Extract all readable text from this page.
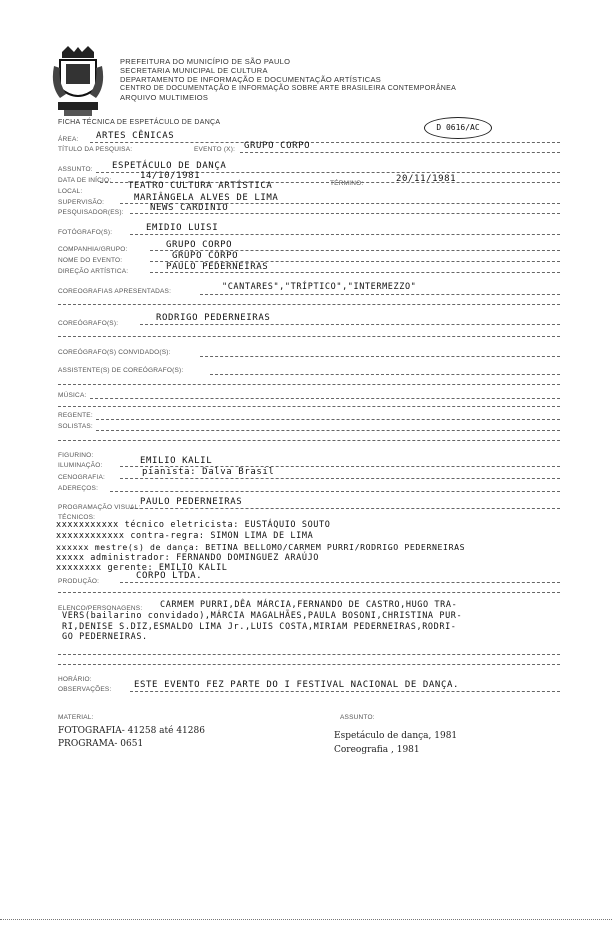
PREFEITURA DO MUNICÍPIO DE SÃO PAULO
SECRETARIA MUNICIPAL DE CULTURA
DEPARTAMENTO DE INFORMAÇÃO E DOCUMENTAÇÃO ARTÍSTICAS
CENTRO DE DOCUMENTAÇÃO E INFORMAÇÃO SOBRE ARTE BRASILEIRA CONTEMPORÂNEA
ARQUIVO MULTIMEIOS
FICHA TÉCNICA DE ESPETÁCULO DE DANÇA
D 0616/AC
ÁREA: ARTES CÊNICAS
TÍTULO DA PESQUISA:	EVENTO (X): GRUPO CORPO
ASSUNTO: ESPETÁCULO DE DANÇA
DATA DE INÍCIO:	14/10/1981
TÉRMINO:	20/11/1981
LOCAL:
TEATRO CULTURA ARTÍSTICA
SUPERVISÃO:	MARIÂNGELA ALVES DE LIMA
PESQUISADOR(ES):	NEWS CARDINIO
FOTÓGRAFO(S):	EMIDIO LUISI
COMPANHIA/GRUPO:	GRUPO CORPO
NOME DO EVENTO:	GRUPO CORPO
DIREÇÃO ARTÍSTICA:	PAULO PEDERNEIRAS
COREOGRAFIAS APRESENTADAS:	"CANTARES","TRÍPTICO","INTERMEZZO"
COREÓGRAFO(S):
RODRIGO PEDERNEIRAS
COREÓGRAFO(S) CONVIDADO(S):
ASSISTENTE(S) DE COREÓGRAFO(S):
MÚSICA:
REGENTE:
SOLISTAS:
FIGURINO:
ILUMINAÇÃO:	EMILIO KALIL
CENOGRAFIA:
pianista: Dalva Brasil
ADEREÇOS:
PROGRAMAÇÃO VISUAL:
PAULO PEDERNEIRAS
TÉCNICOS:
xxxxxxxxxxx técnico eletricista: EUSTÁQUIO SOUTO
xxxxxxxxxxxx contra-regra: SIMON LIMA DE LIMA
xxxxxx mestre(s) de dança: BETINA BELLOMO/CARMEM PURRI/RODRIGO PEDERNEIRAS
xxxxx administrador: FERNANDO DOMINGUEZ ARAÚJO
xxxxxxxx gerente: EMILIO KALIL
PRODUÇÃO:
CORPO LTDA.
ELENCO/PERSONAGENS: CARMEM PURRI,DÊA MÁRCIA,FERNANDO DE CASTRO,HUGO TRA-
VERS(bailarino convidado),MÁRCIA MAGALHÃES,PAULA BOSONI,CHRISTINA PUR-
RI,DENISE S.DIZ,ESMALDO LIMA Jr.,LUIS COSTA,MIRIAM PEDERNEIRAS,RODRI-
GO PEDERNEIRAS.
HORÁRIO:
OBSERVAÇÕES:	ESTE EVENTO FEZ PARTE DO I FESTIVAL NACIONAL DE DANÇA.
MATERIAL:	ASSUNTO:
FOTOGRAFIA- 41258 até 41286
PROGRAMA- 0651
Espetáculo de dança, 1981
Coreografia , 1981
